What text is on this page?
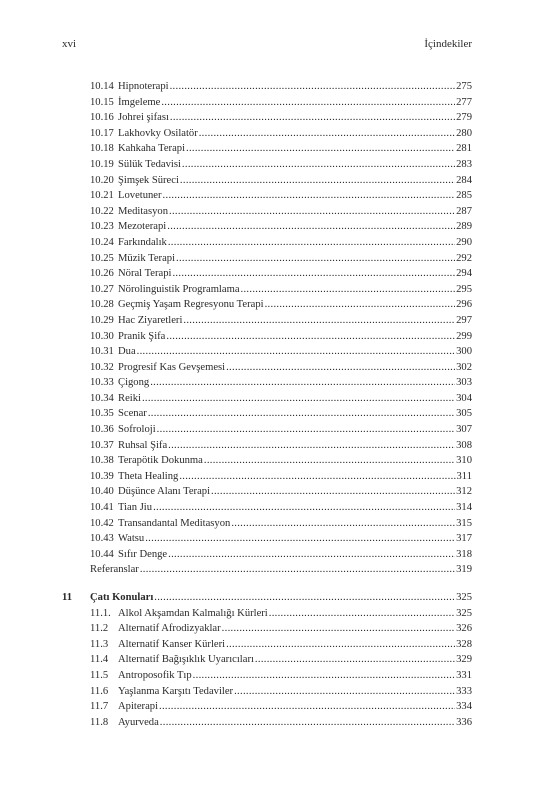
xvi	İçindekiler
10.14 Hipnoterapi .....	275
10.15 İmgeleme .....	277
10.16 Johrei şifası .....	279
10.17 Lakhovky Osilatör .....	280
10.18 Kahkaha Terapi .....	281
10.19 Sülük Tedavisi .....	283
10.20 Şimşek Süreci .....	284
10.21 Lovetuner .....	285
10.22 Meditasyon .....	287
10.23 Mezoterapi .....	289
10.24 Farkındalık .....	290
10.25 Müzik Terapi .....	292
10.26 Nöral Terapi .....	294
10.27 Nörolinguistik Programlama .....	295
10.28 Geçmiş Yaşam Regresyonu Terapi .....	296
10.29 Hac Ziyaretleri .....	297
10.30 Pranik Şifa .....	299
10.31 Dua .....	300
10.32 Progresif Kas Gevşemesi .....	302
10.33 Çigong .....	303
10.34 Reiki .....	304
10.35 Scenar .....	305
10.36 Sofroloji .....	307
10.37 Ruhsal Şifa .....	308
10.38 Terapötik Dokunma .....	310
10.39 Theta Healing .....	311
10.40 Düşünce Alanı Terapi .....	312
10.41 Tian Jiu .....	314
10.42 Transandantal Meditasyon .....	315
10.43 Watsu .....	317
10.44 Sıfır Denge .....	318
Referanslar .....	319
11	Çatı Konuları .....	325
11.1. Alkol Akşamdan Kalmalığı Kürleri .....	325
11.2 Alternatif Afrodizyaklar .....	326
11.3 Alternatif Kanser Kürleri .....	328
11.4 Alternatif Bağışıklık Uyarıcıları .....	329
11.5 Antroposofik Tıp .....	331
11.6 Yaşlanma Karşıtı Tedaviler .....	333
11.7 Apiterapi .....	334
11.8 Ayurveda .....	336
